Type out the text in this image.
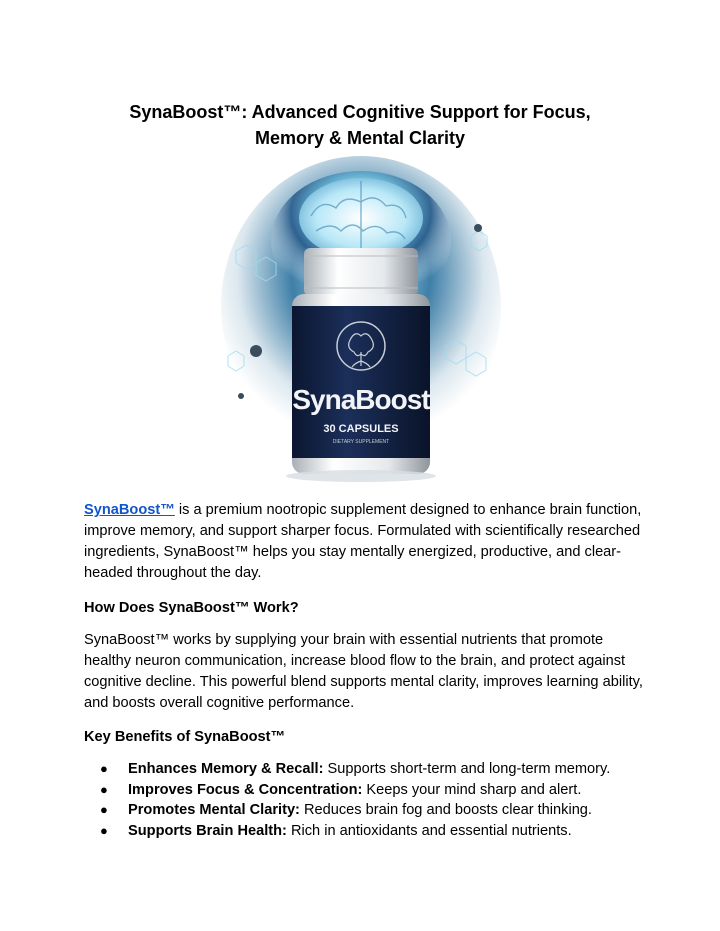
SynaBoost™: Advanced Cognitive Support for Focus,
Memory & Mental Clarity
SynaBoost
30 CAPSULES
DIETARY SUPPLEMENT

SynaBoost™ is a premium nootropic supplement designed to enhance brain function, improve memory, and support sharper focus. Formulated with scientifically researched ingredients, SynaBoost™ helps you stay mentally energized, productive, and clear-headed throughout the day.

How Does SynaBoost™ Work?

SynaBoost™ works by supplying your brain with essential nutrients that promote healthy neuron communication, increase blood flow to the brain, and protect against cognitive decline. This powerful blend supports mental clarity, improves learning ability, and boosts overall cognitive performance.

Key Benefits of SynaBoost™
● Enhances Memory & Recall: Supports short-term and long-term memory.
● Improves Focus & Concentration: Keeps your mind sharp and alert.
● Promotes Mental Clarity: Reduces brain fog and boosts clear thinking.
● Supports Brain Health: Rich in antioxidants and essential nutrients.
